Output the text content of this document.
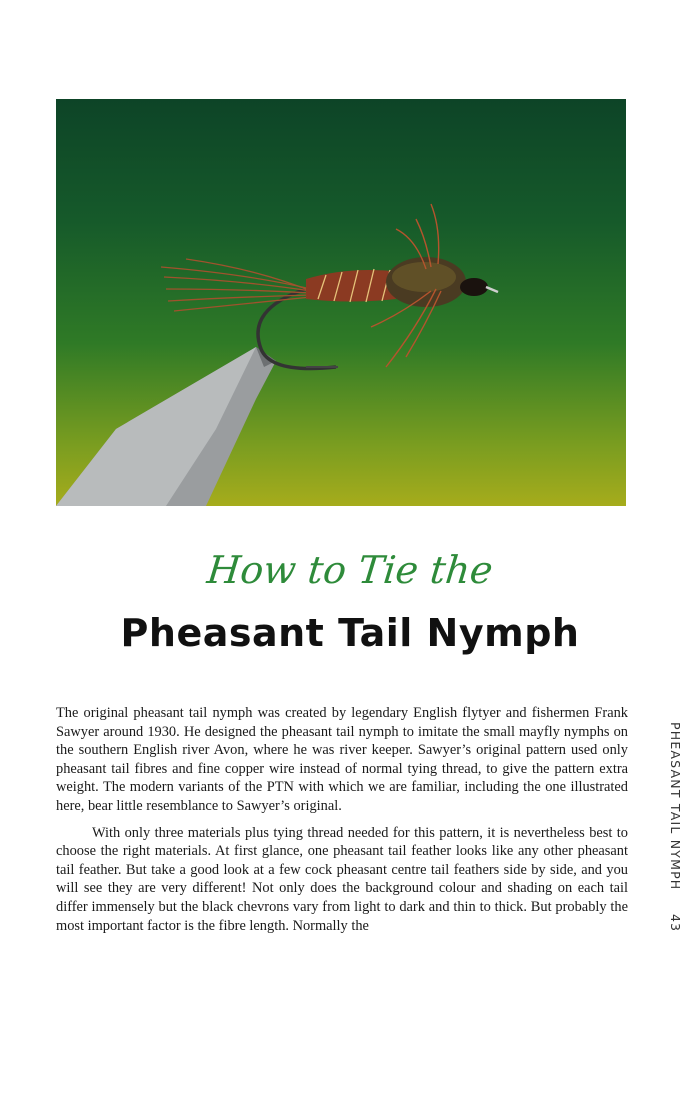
How to Tie the
Pheasant Tail Nymph

The original pheasant tail nymph was created by legendary English flytyer and fishermen Frank Sawyer around 1930. He designed the pheasant tail nymph to imitate the small mayfly nymphs on the southern English river Avon, where he was river keeper. Sawyer’s original pattern used only pheasant tail fibres and fine copper wire instead of normal tying thread, to give the pattern extra weight. The modern variants of the PTN with which we are familiar, including the one illustrated here, bear little resemblance to Sawyer’s original.

With only three materials plus tying thread needed for this pattern, it is nevertheless best to choose the right materials. At first glance, one pheasant tail feather looks like any other pheasant tail feather. But take a good look at a few cock pheasant centre tail feathers side by side, and you will see they are very different! Not only does the background colour and shading on each tail differ immensely but the black chevrons vary from light to dark and thin to thick. But probably the most important factor is the fibre length. Normally the

PHEASANT TAIL NYMPH
43
